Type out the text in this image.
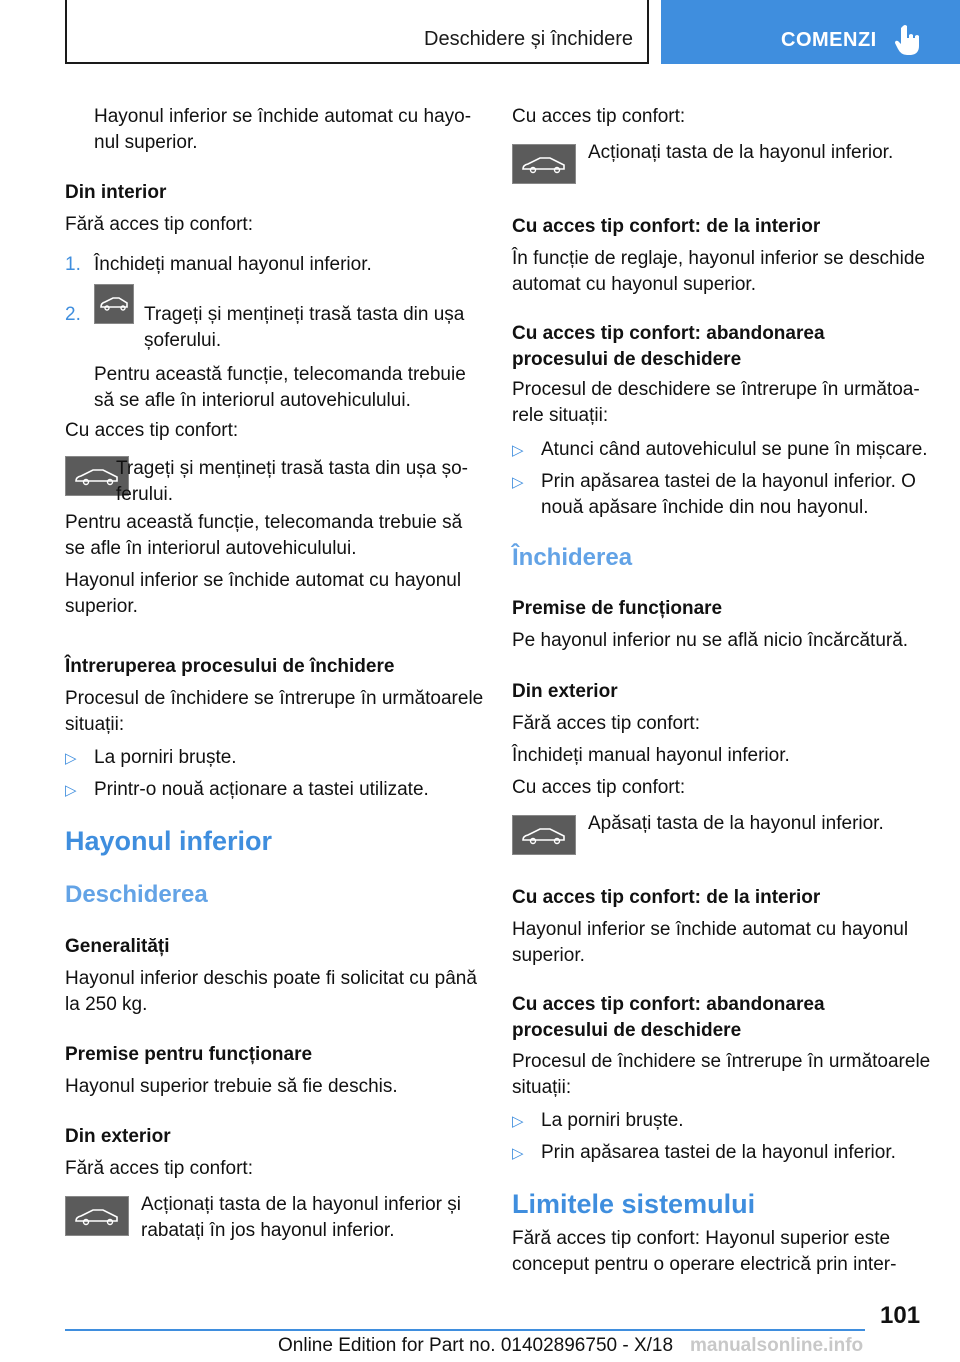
Deschidere și închidere	COMENZI

Hayonul inferior se închide automat cu hayo-nul superior.

Din interior

Fără acces tip confort:

1. Închideți manual hayonul inferior.

2.	Trageți și mențineți trasă tasta din ușa șoferului.

Pentru această funcție, telecomanda trebuie să se afle în interiorul autovehiculului.

Cu acces tip confort:

Trageți și mențineți trasă tasta din ușa șo-ferului.

Pentru această funcție, telecomanda trebuie să se afle în interiorul autovehiculului.

Hayonul inferior se închide automat cu hayonul superior.

Întreruperea procesului de închidere

Procesul de închidere se întrerupe în următoarele situații:

▷ La porniri bruște.

▷ Printr-o nouă acționare a tastei utilizate.

Hayonul inferior

Deschiderea

Generalități

Hayonul inferior deschis poate fi solicitat cu până la 250 kg.

Premise pentru funcționare

Hayonul superior trebuie să fie deschis.

Din exterior

Fără acces tip confort:

Acționați tasta de la hayonul inferior și rabatați în jos hayonul inferior.

Cu acces tip confort:

Acționați tasta de la hayonul inferior.

Cu acces tip confort: de la interior

În funcție de reglaje, hayonul inferior se deschide automat cu hayonul superior.

Cu acces tip confort: abandonarea procesului de deschidere

Procesul de deschidere se întrerupe în următoa-rele situații:

▷ Atunci când autovehiculul se pune în mișcare.

▷ Prin apăsarea tastei de la hayonul inferior. O nouă apăsare închide din nou hayonul.

Închiderea

Premise de funcționare

Pe hayonul inferior nu se află nicio încărcătură.

Din exterior

Fără acces tip confort:

Închideți manual hayonul inferior.

Cu acces tip confort:

Apăsați tasta de la hayonul inferior.

Cu acces tip confort: de la interior

Hayonul inferior se închide automat cu hayonul superior.

Cu acces tip confort: abandonarea procesului de deschidere

Procesul de închidere se întrerupe în următoarele situații:

▷ La porniri bruște.

▷ Prin apăsarea tastei de la hayonul inferior.

Limitele sistemului

Fără acces tip confort: Hayonul superior este conceput pentru o operare electrică prin inter-

101
Online Edition for Part no. 01402896750 - X/18 manualsonline.info
